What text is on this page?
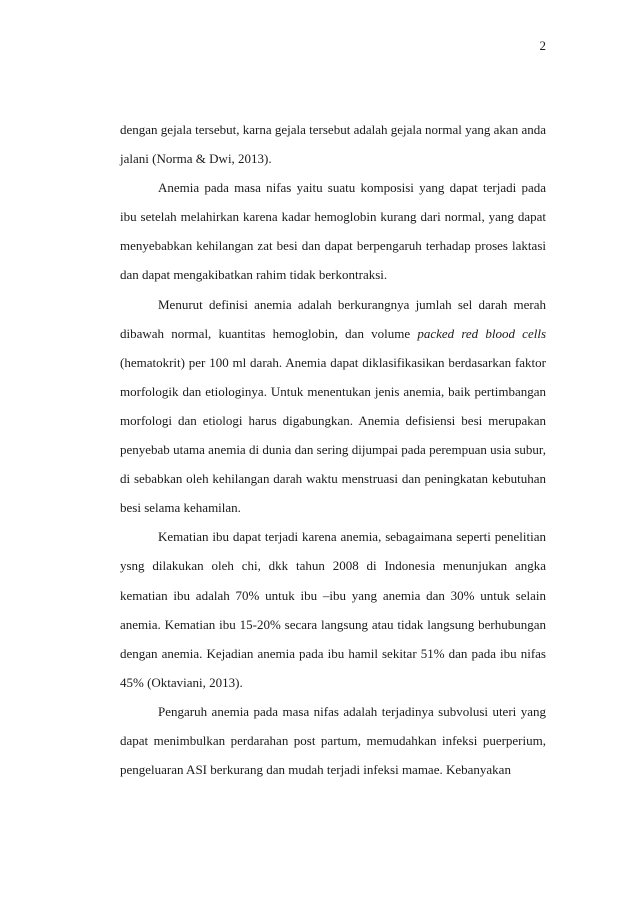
2

dengan gejala tersebut, karna gejala tersebut adalah gejala normal yang akan anda jalani (Norma & Dwi, 2013).

Anemia pada masa nifas yaitu suatu komposisi yang dapat terjadi pada ibu setelah melahirkan karena kadar hemoglobin kurang dari normal, yang dapat menyebabkan kehilangan zat besi dan dapat berpengaruh terhadap proses laktasi dan dapat mengakibatkan rahim tidak berkontraksi.

Menurut definisi anemia adalah berkurangnya jumlah sel darah merah dibawah normal, kuantitas hemoglobin, dan volume packed red blood cells (hematokrit) per 100 ml darah. Anemia dapat diklasifikasikan berdasarkan faktor morfologik dan etiologinya. Untuk menentukan jenis anemia, baik pertimbangan morfologi dan etiologi harus digabungkan. Anemia defisiensi besi merupakan penyebab utama anemia di dunia dan sering dijumpai pada perempuan usia subur, di sebabkan oleh kehilangan darah waktu menstruasi dan peningkatan kebutuhan besi selama kehamilan.

Kematian ibu dapat terjadi karena anemia, sebagaimana seperti penelitian ysng dilakukan oleh chi, dkk tahun 2008 di Indonesia menunjukan angka kematian ibu adalah 70% untuk ibu –ibu yang anemia dan 30% untuk selain anemia. Kematian ibu 15-20% secara langsung atau tidak langsung berhubungan dengan anemia. Kejadian anemia pada ibu hamil sekitar 51% dan pada ibu nifas 45% (Oktaviani, 2013).

Pengaruh anemia pada masa nifas adalah terjadinya subvolusi uteri yang dapat menimbulkan perdarahan post partum, memudahkan infeksi puerperium, pengeluaran ASI berkurang dan mudah terjadi infeksi mamae. Kebanyakan
